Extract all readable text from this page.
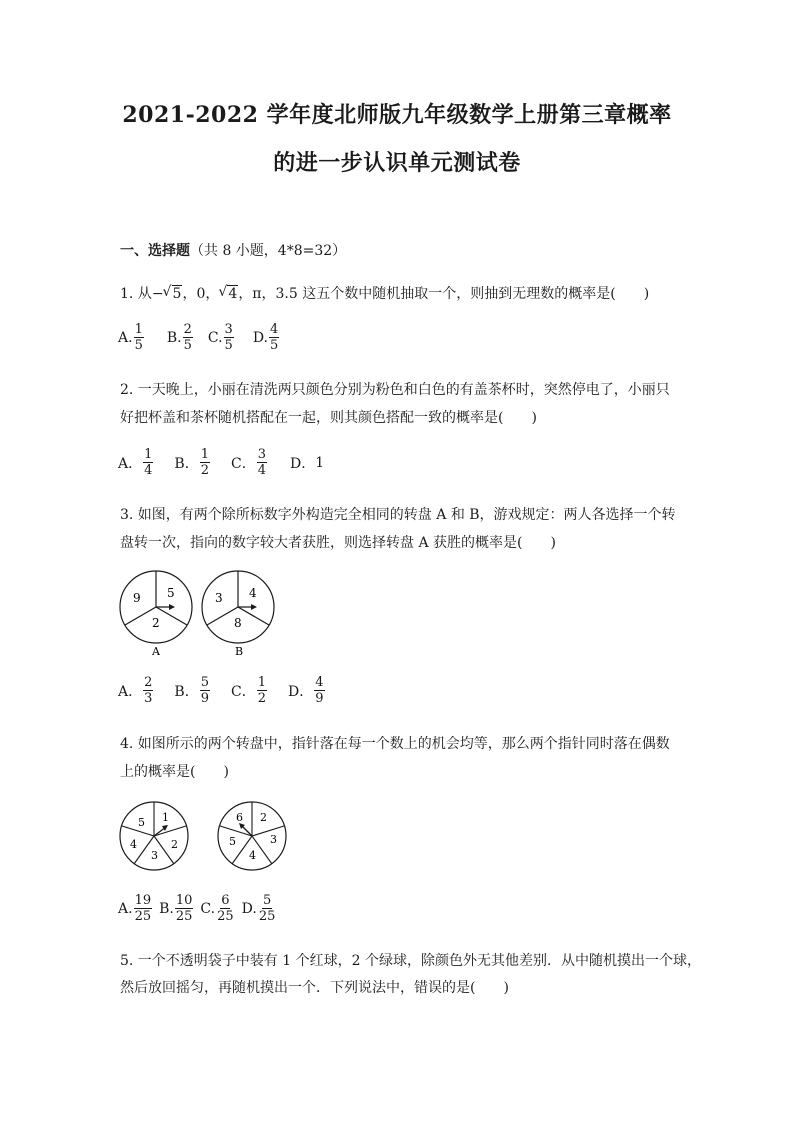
2021-2022 学年度北师版九年级数学上册第三章概率
的进一步认识单元测试卷
一、选择题（共 8 小题，4*8=32）
1. 从− √ 5，0， √ 4，π，3.5 这五个数中随机抽取一个，则抽到无理数的概率是(　　)
A. $\frac{1}{5} B$. $\frac{2}{5} C$. $\frac{3}{5} D$. $\frac{4}{5}$
2. 一天晚上，小丽在清洗两只颜色分别为粉色和白色的有盖茶杯时，突然停电了，小丽只
好把杯盖和茶杯随机搭配在一起，则其颜色搭配一致的概率是(　　)
A． $\frac{1}{4}$ B． $\frac{1}{2}$ C． $\frac{3}{4}$ D． 1
3. 如图，有两个除所标数字外构造完全相同的转盘 A 和 B，游戏规定：两人各选择一个转
盘转一次，指向的数字较大者获胜，则选择转盘 A 获胜的概率是(　　)
9 5
2
A
3 4
8
B
A． $\frac{2}{3}$ B． $\frac{5}{9}$ C． $\frac{1}{2}$ D． $\frac{4}{9}$
4. 如图所示的两个转盘中，指针落在每一个数上的机会均等，那么两个指针同时落在偶数
上的概率是(　　)
5 1
2
3
4
6 2
3
4
5
A. $\frac{19}{25} B$. $\frac{10}{25} C$. $\frac{6}{25} D$. $\frac{5}{25}$
5. 一个不透明袋子中装有 1 个红球，2 个绿球，除颜色外无其他差别．从中随机摸出一个球，
然后放回摇匀，再随机摸出一个．下列说法中，错误的是(　　)
